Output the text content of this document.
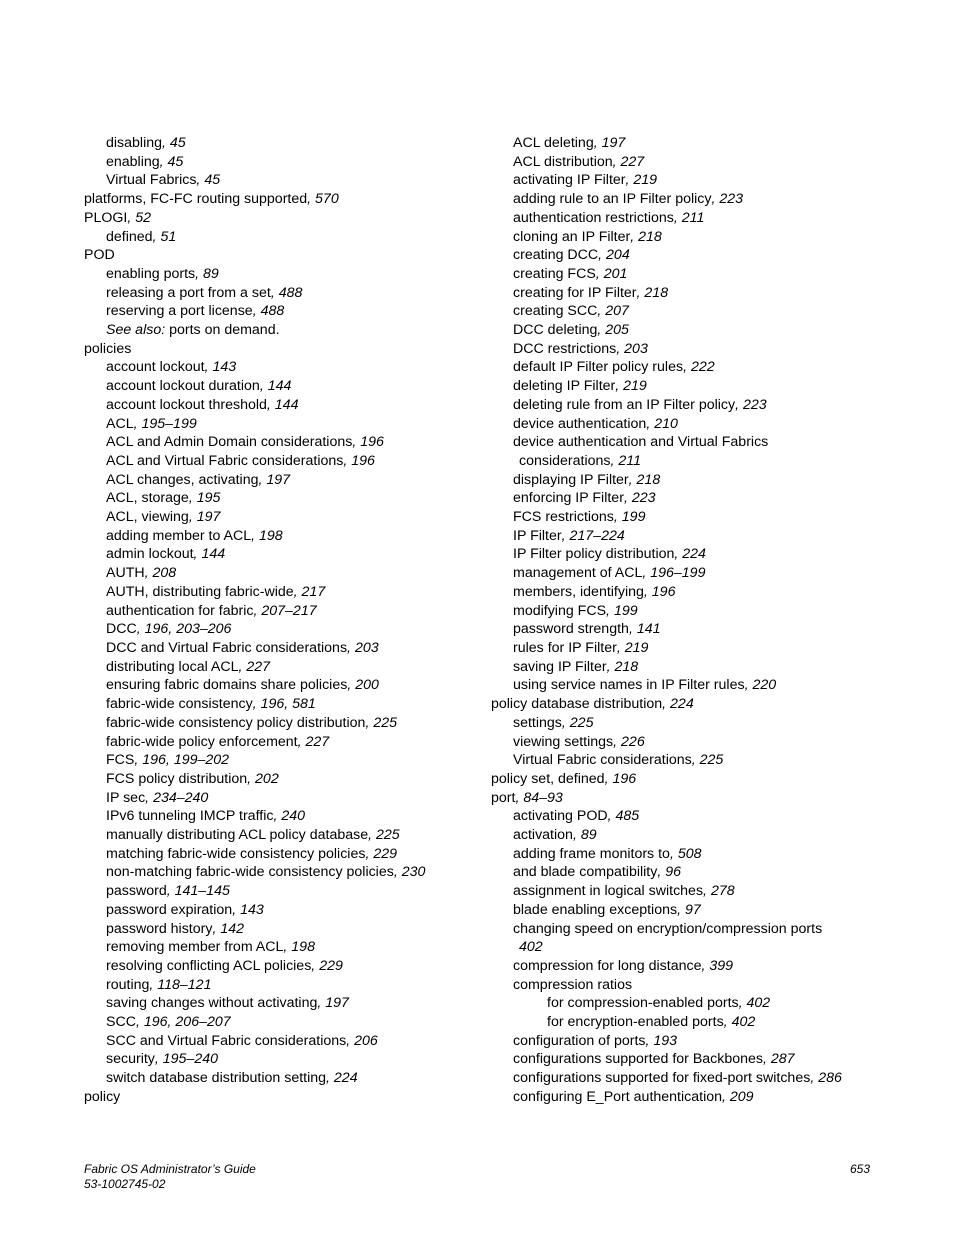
disabling, 45
enabling, 45
Virtual Fabrics, 45
platforms, FC-FC routing supported, 570
PLOGI, 52
defined, 51
POD
enabling ports, 89
releasing a port from a set, 488
reserving a port license, 488
See also: ports on demand.
policies
account lockout, 143
account lockout duration, 144
account lockout threshold, 144
ACL, 195–199
ACL and Admin Domain considerations, 196
ACL and Virtual Fabric considerations, 196
ACL changes, activating, 197
ACL, storage, 195
ACL, viewing, 197
adding member to ACL, 198
admin lockout, 144
AUTH, 208
AUTH, distributing fabric-wide, 217
authentication for fabric, 207–217
DCC, 196, 203–206
DCC and Virtual Fabric considerations, 203
distributing local ACL, 227
ensuring fabric domains share policies, 200
fabric-wide consistency, 196, 581
fabric-wide consistency policy distribution, 225
fabric-wide policy enforcement, 227
FCS, 196, 199–202
FCS policy distribution, 202
IP sec, 234–240
IPv6 tunneling IMCP traffic, 240
manually distributing ACL policy database, 225
matching fabric-wide consistency policies, 229
non-matching fabric-wide consistency policies, 230
password, 141–145
password expiration, 143
password history, 142
removing member from ACL, 198
resolving conflicting ACL policies, 229
routing, 118–121
saving changes without activating, 197
SCC, 196, 206–207
SCC and Virtual Fabric considerations, 206
security, 195–240
switch database distribution setting, 224
policy
ACL deleting, 197
ACL distribution, 227
activating IP Filter, 219
adding rule to an IP Filter policy, 223
authentication restrictions, 211
cloning an IP Filter, 218
creating DCC, 204
creating FCS, 201
creating for IP Filter, 218
creating SCC, 207
DCC deleting, 205
DCC restrictions, 203
default IP Filter policy rules, 222
deleting IP Filter, 219
deleting rule from an IP Filter policy, 223
device authentication, 210
device authentication and Virtual Fabrics
considerations, 211
displaying IP Filter, 218
enforcing IP Filter, 223
FCS restrictions, 199
IP Filter, 217–224
IP Filter policy distribution, 224
management of ACL, 196–199
members, identifying, 196
modifying FCS, 199
password strength, 141
rules for IP Filter, 219
saving IP Filter, 218
using service names in IP Filter rules, 220
policy database distribution, 224
settings, 225
viewing settings, 226
Virtual Fabric considerations, 225
policy set, defined, 196
port, 84–93
activating POD, 485
activation, 89
adding frame monitors to, 508
and blade compatibility, 96
assignment in logical switches, 278
blade enabling exceptions, 97
changing speed on encryption/compression ports
402
compression for long distance, 399
compression ratios
for compression-enabled ports, 402
for encryption-enabled ports, 402
configuration of ports, 193
configurations supported for Backbones, 287
configurations supported for fixed-port switches, 286
configuring E_Port authentication, 209
Fabric OS Administrator’s Guide
53-1002745-02
653
